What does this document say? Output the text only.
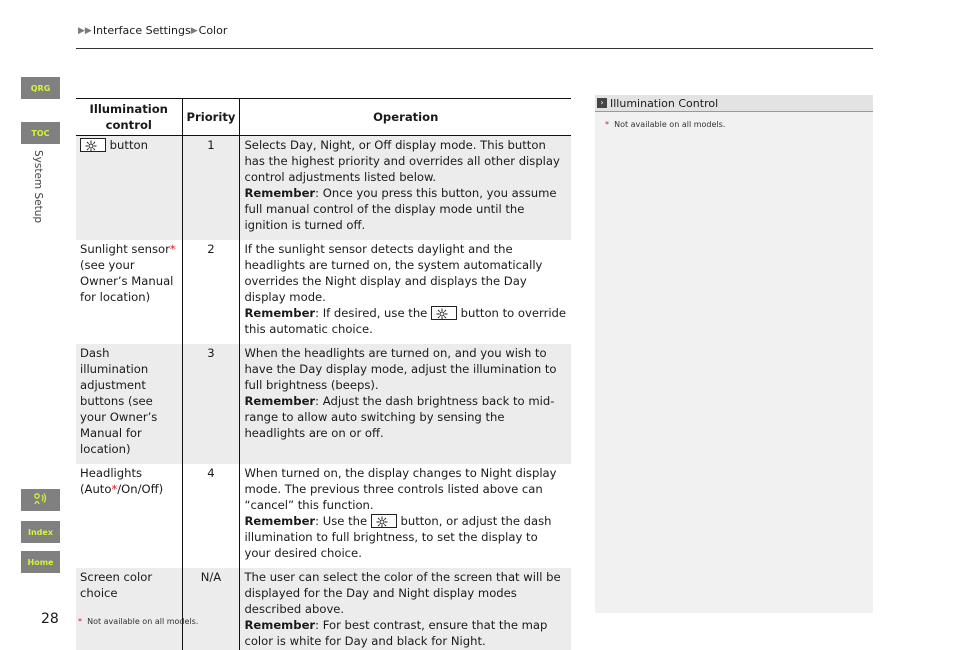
▶▶ Interface Settings ▶ Color
QRG
TOC
System Setup
Index
Home
28
Illumination control	Priority	Operation

button	1	Selects Day, Night, or Off display mode. This button has the highest priority and overrides all other display control adjustments listed below.
Remember: Once you press this button, you assume full manual control of the display mode until the ignition is turned off.
Sunlight sensor* (see your Owner’s Manual for location)	2	If the sunlight sensor detects daylight and the headlights are turned on, the system automatically overrides the Night display and displays the Day display mode.
Remember: If desired, use the button to override this automatic choice.
Dash illumination adjustment buttons (see your Owner’s Manual for location)	3	When the headlights are turned on, and you wish to have the Day display mode, adjust the illumination to full brightness (beeps).
Remember: Adjust the dash brightness back to mid-range to allow auto switching by sensing the headlights are on or off.
Headlights (Auto*/On/Off)	4	When turned on, the display changes to Night display mode. The previous three controls listed above can “cancel” this function.
Remember: Use the button, or adjust the dash illumination to full brightness, to set the display to your desired choice.
Screen color choice	N/A	The user can select the color of the screen that will be displayed for the Day and Night display modes described above.
Remember: For best contrast, ensure that the map color is white for Day and black for Night.
› Illumination Control
* Not available on all models.
* Not available on all models.
